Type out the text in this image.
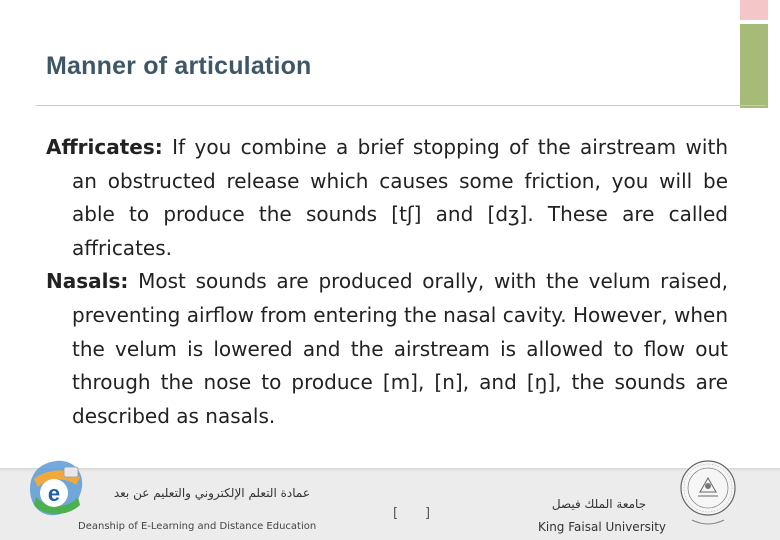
Manner of articulation

Affricates: If you combine a brief stopping of the airstream with an obstructed release which causes some friction, you will be able to produce the sounds [tʃ] and [dʒ]. These are called affricates.

Nasals: Most sounds are produced orally, with the velum raised, preventing airflow from entering the nasal cavity. However, when the velum is lowered and the airstream is allowed to flow out through the nose to produce [m], [n], and [ŋ], the sounds are described as nasals.

e	عمادة التعلم الإلكتروني والتعليم عن بعد
Deanship of E-Learning and Distance Education
[ ]
جامعة الملك فيصل
King Faisal University
